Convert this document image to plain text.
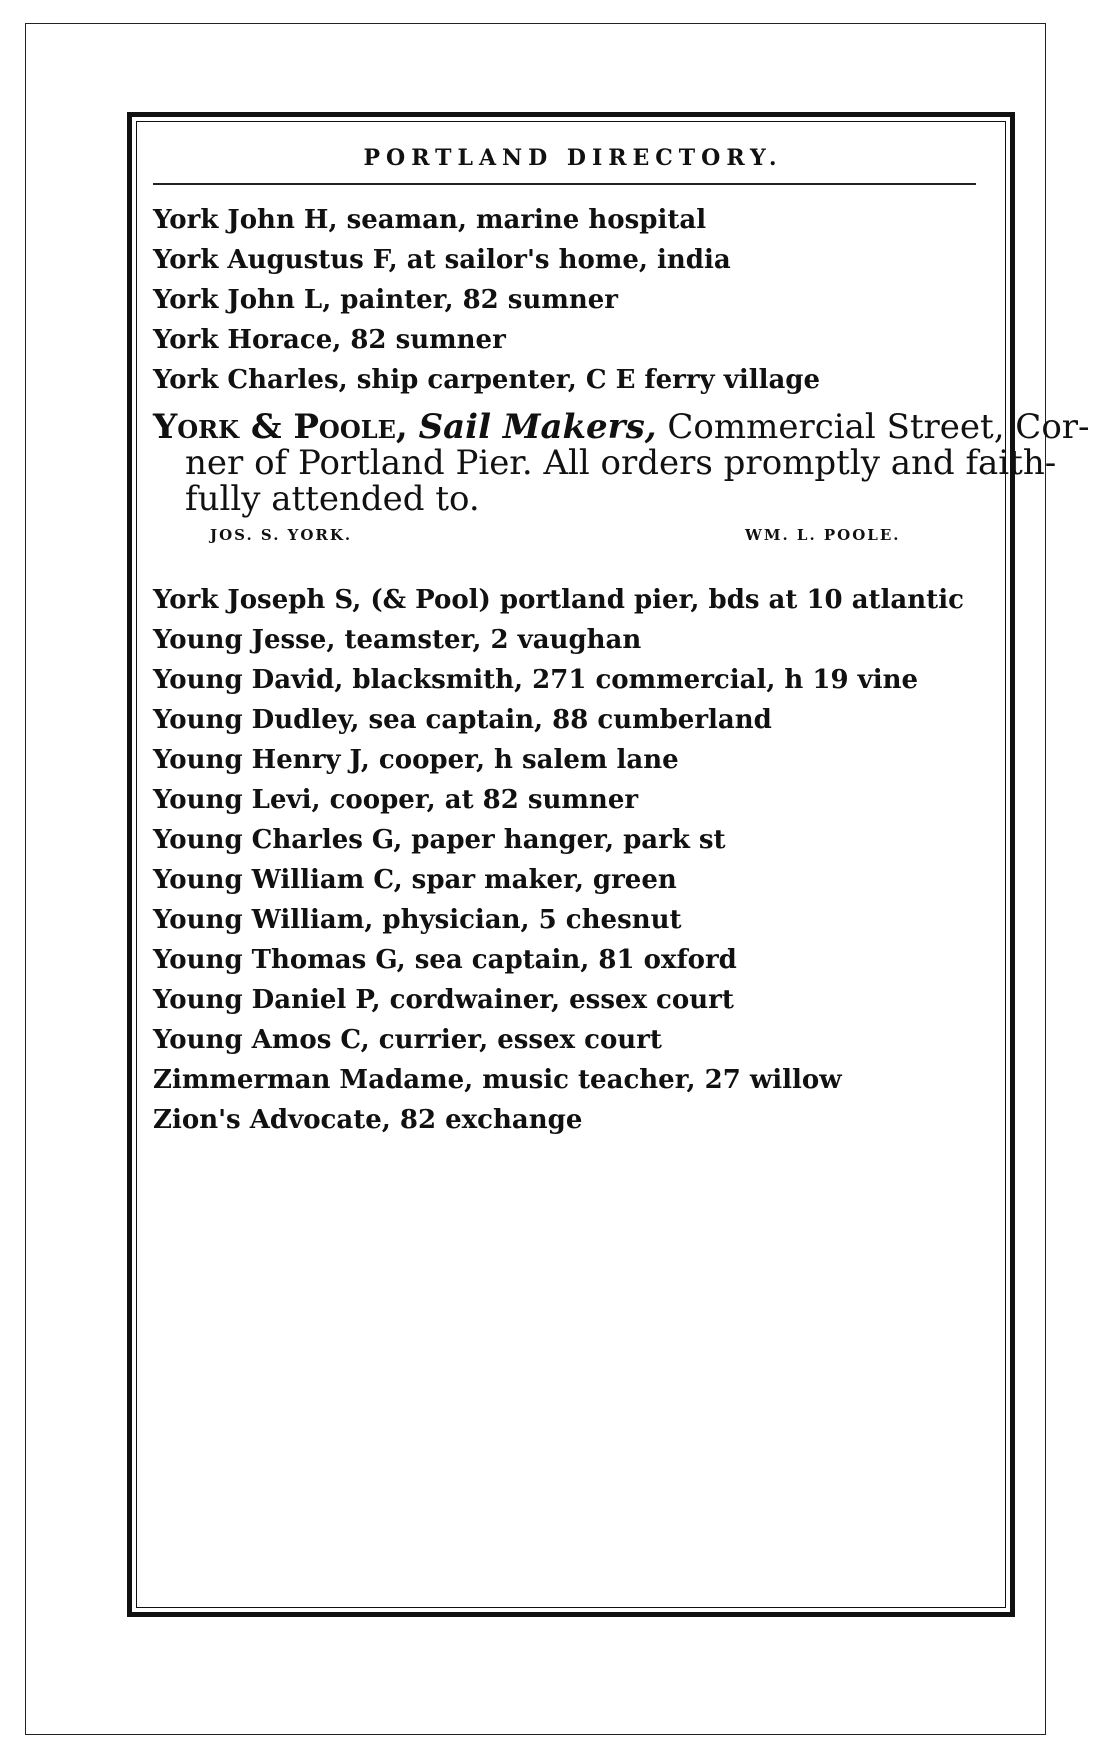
PORTLAND DIRECTORY.
York John H, seaman, marine hospital
York Augustus F, at sailor's home, india
York John L, painter, 82 sumner
York Horace, 82 sumner
York Charles, ship carpenter, C E ferry village
York & Poole, Sail Makers, Commercial Street, Cor-
ner of Portland Pier. All orders promptly and faith-
fully attended to.
JOS. S. YORK.	WM. L. POOLE.
York Joseph S, (& Pool) portland pier, bds at 10 atlantic
Young Jesse, teamster, 2 vaughan
Young David, blacksmith, 271 commercial, h 19 vine
Young Dudley, sea captain, 88 cumberland
Young Henry J, cooper, h salem lane
Young Levi, cooper, at 82 sumner
Young Charles G, paper hanger, park st
Young William C, spar maker, green
Young William, physician, 5 chesnut
Young Thomas G, sea captain, 81 oxford
Young Daniel P, cordwainer, essex court
Young Amos C, currier, essex court
Zimmerman Madame, music teacher, 27 willow
Zion's Advocate, 82 exchange
